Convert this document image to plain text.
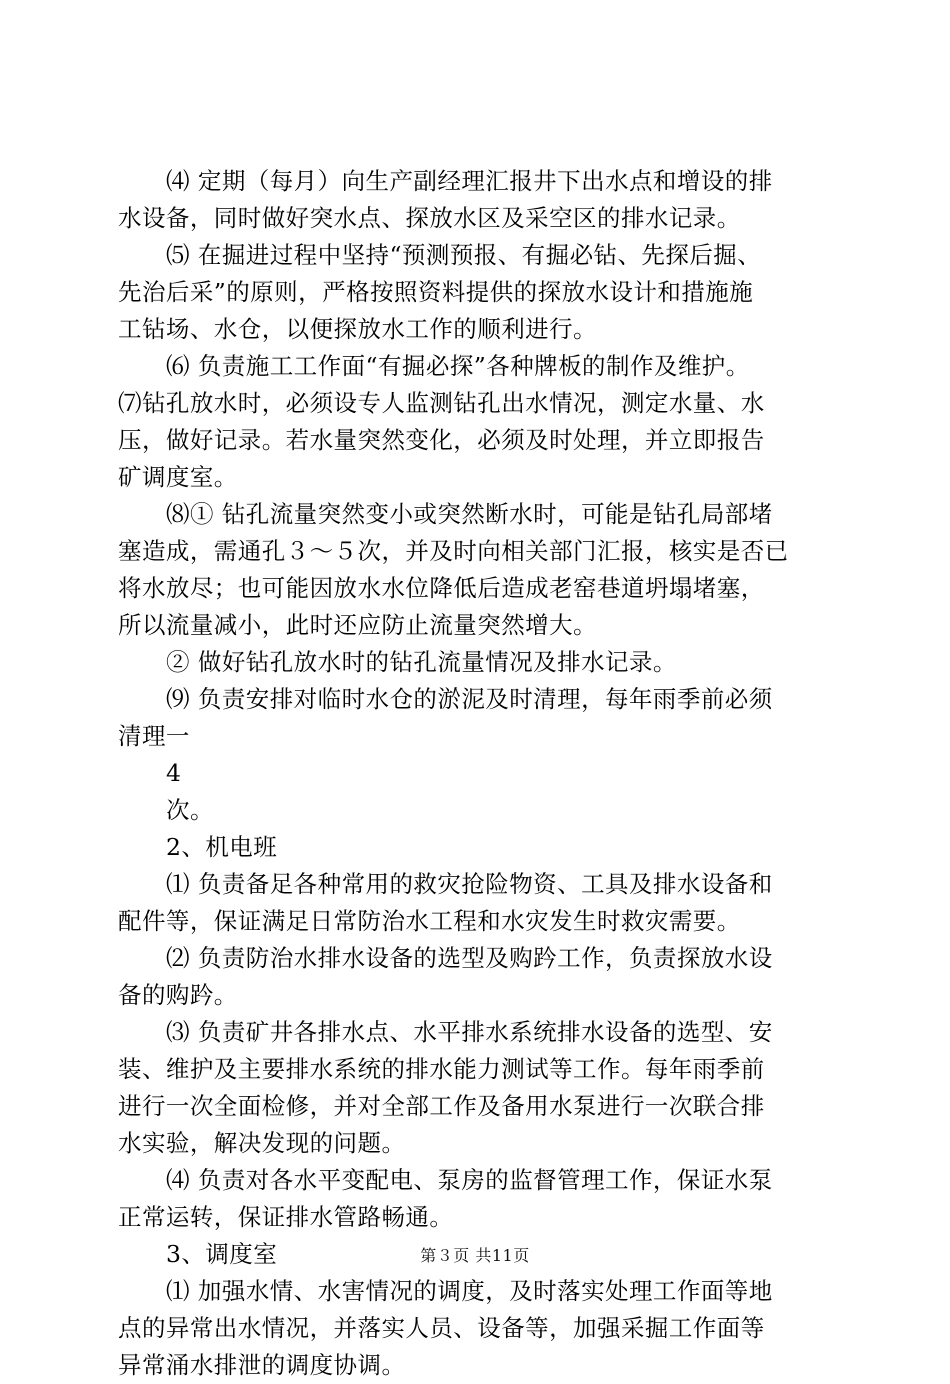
⑷ 定期（每月）向生产副经理汇报井下出水点和增设的排
水设备，同时做好突水点、探放水区及采空区的排水记录。
⑸ 在掘进过程中坚持“预测预报、有掘必钻、先探后掘、
先治后采”的原则，严格按照资料提供的探放水设计和措施施
工钻场、水仓，以便探放水工作的顺利进行。
⑹ 负责施工工作面“有掘必探”各种牌板的制作及维护。
⑺钻孔放水时，必须设专人监测钻孔出水情况，测定水量、水
压，做好记录。若水量突然变化，必须及时处理，并立即报告
矿调度室。
⑻① 钻孔流量突然变小或突然断水时，可能是钻孔局部堵
塞造成，需通孔３～５次，并及时向相关部门汇报，核实是否已
将水放尽；也可能因放水水位降低后造成老窑巷道坍塌堵塞，
所以流量减小，此时还应防止流量突然增大。
② 做好钻孔放水时的钻孔流量情况及排水记录。
⑼ 负责安排对临时水仓的淤泥及时清理，每年雨季前必须
清理一
4
次。
2、机电班
⑴ 负责备足各种常用的救灾抢险物资、工具及排水设备和
配件等，保证满足日常防治水工程和水灾发生时救灾需要。
⑵ 负责防治水排水设备的选型及购趻工作，负责探放水设
备的购趻。
⑶ 负责矿井各排水点、水平排水系统排水设备的选型、安
装、维护及主要排水系统的排水能力测试等工作。每年雨季前
进行一次全面检修，并对全部工作及备用水泵进行一次联合排
水实验，解决发现的问题。
⑷ 负责对各水平变配电、泵房的监督管理工作，保证水泵
正常运转，保证排水管路畅通。
3、调度室
⑴ 加强水情、水害情况的调度，及时落实处理工作面等地
点的异常出水情况，并落实人员、设备等，加强采掘工作面等
异常涌水排泄的调度协调。
第３页 共11页
